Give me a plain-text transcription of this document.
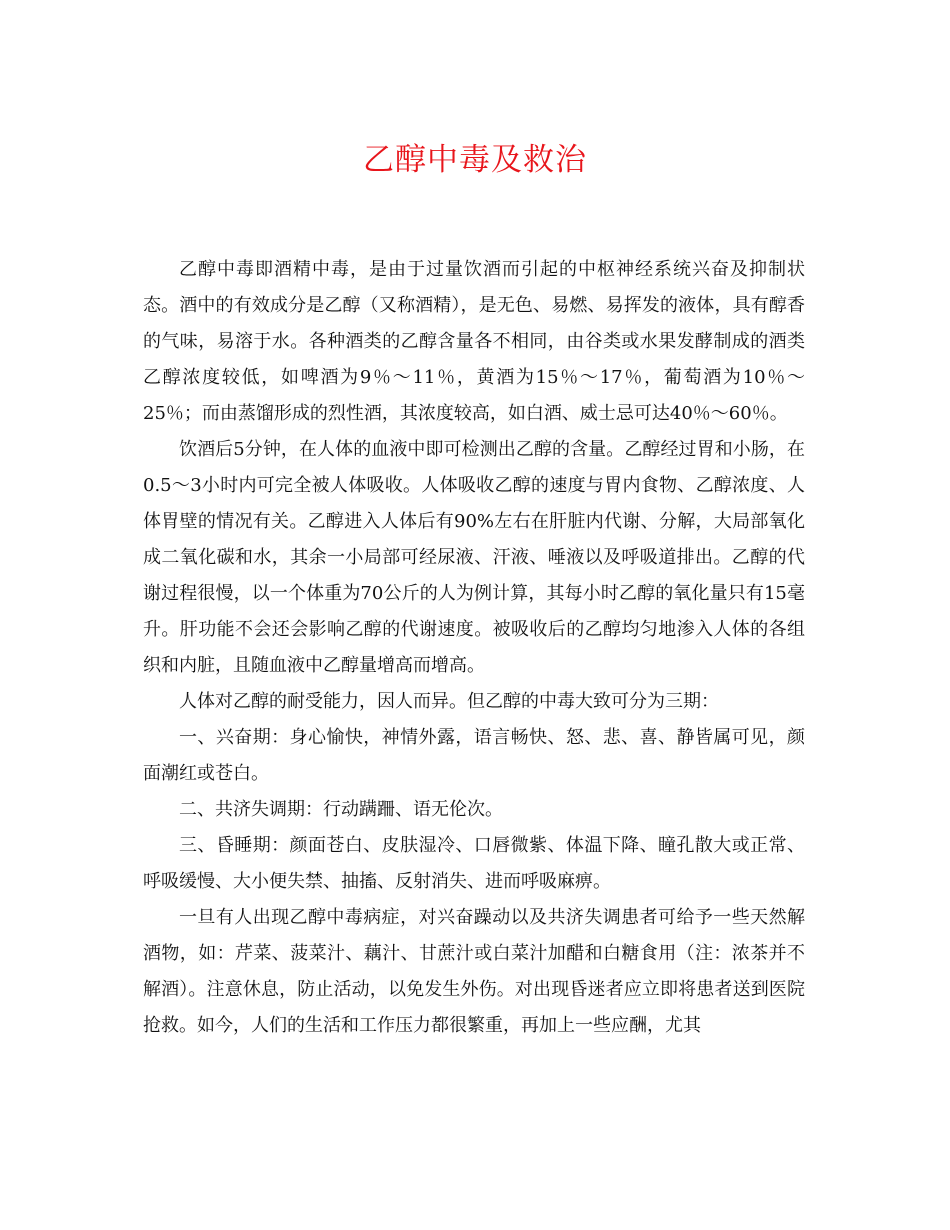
乙醇中毒及救治

乙醇中毒即酒精中毒，是由于过量饮酒而引起的中枢神经系统兴奋及抑制状态。酒中的有效成分是乙醇（又称酒精），是无色、易燃、易挥发的液体，具有醇香的气味，易溶于水。各种酒类的乙醇含量各不相同，由谷类或水果发酵制成的酒类乙醇浓度较低，如啤酒为9％～11％，黄酒为15％～17％，葡萄酒为10％～25％；而由蒸馏形成的烈性酒，其浓度较高，如白酒、威士忌可达40％～60％。

饮酒后5分钟，在人体的血液中即可检测出乙醇的含量。乙醇经过胃和小肠，在0.5～3小时内可完全被人体吸收。人体吸收乙醇的速度与胃内食物、乙醇浓度、人体胃壁的情况有关。乙醇进入人体后有90%左右在肝脏内代谢、分解，大局部氧化成二氧化碳和水，其余一小局部可经尿液、汗液、唾液以及呼吸道排出。乙醇的代谢过程很慢，以一个体重为70公斤的人为例计算，其每小时乙醇的氧化量只有15毫升。肝功能不会还会影响乙醇的代谢速度。被吸收后的乙醇均匀地渗入人体的各组织和内脏，且随血液中乙醇量增高而增高。

人体对乙醇的耐受能力，因人而异。但乙醇的中毒大致可分为三期：

一、兴奋期：身心愉快，神情外露，语言畅快、怒、悲、喜、静皆属可见，颜面潮红或苍白。

二、共济失调期：行动蹒跚、语无伦次。

三、昏睡期：颜面苍白、皮肤湿冷、口唇微紫、体温下降、瞳孔散大或正常、呼吸缓慢、大小便失禁、抽搐、反射消失、进而呼吸麻痹。

一旦有人出现乙醇中毒病症，对兴奋躁动以及共济失调患者可给予一些天然解酒物，如：芹菜、菠菜汁、藕汁、甘蔗汁或白菜汁加醋和白糖食用（注：浓茶并不解酒）。注意休息，防止活动，以免发生外伤。对出现昏迷者应立即将患者送到医院抢救。如今，人们的生活和工作压力都很繁重，再加上一些应酬，尤其
